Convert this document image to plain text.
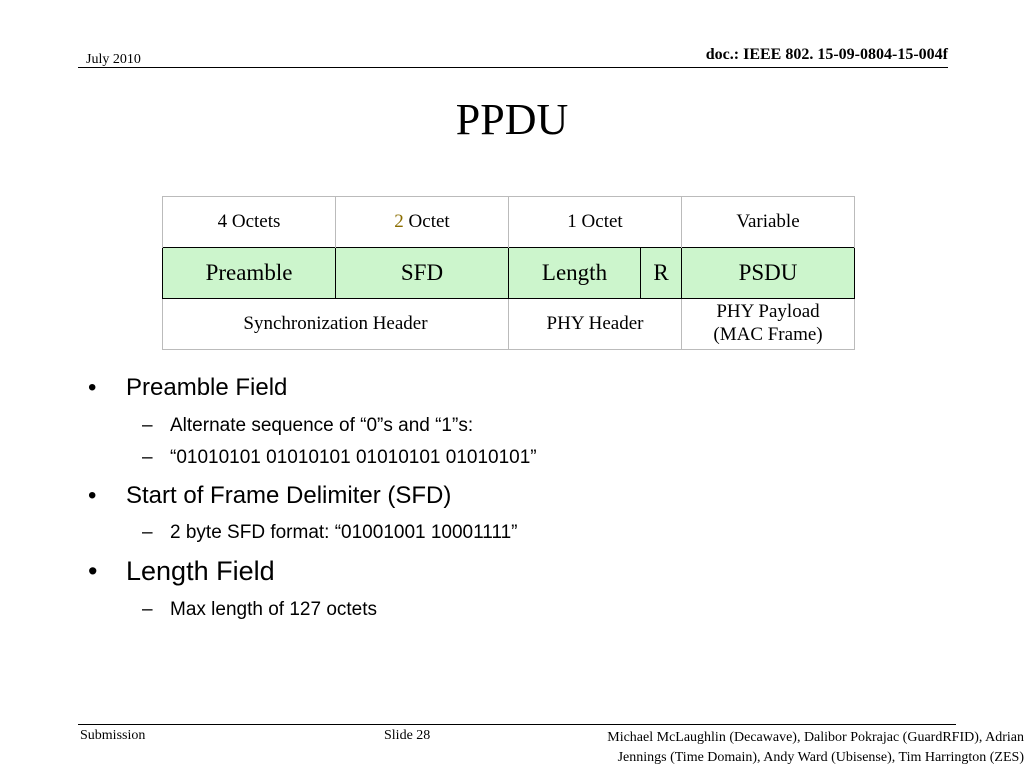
July 2010	doc.: IEEE 802. 15-09-0804-15-004f
PPDU
4 Octets	2 Octet	1 Octet		Variable
Preamble	SFD	Length	R	PSDU
Synchronization Header		PHY Header		PHY Payload
(MAC Frame)
• Preamble Field
– Alternate sequence of “0”s and “1”s:
– “01010101 01010101 01010101 01010101”
• Start of Frame Delimiter (SFD)
– 2 byte SFD format: “01001001 10001111”
• Length Field
– Max length of 127 octets
Submission	Slide 28	Michael McLaughlin (Decawave), Dalibor Pokrajac (GuardRFID), Adrian
Jennings (Time Domain), Andy Ward (Ubisense), Tim Harrington (ZES)
